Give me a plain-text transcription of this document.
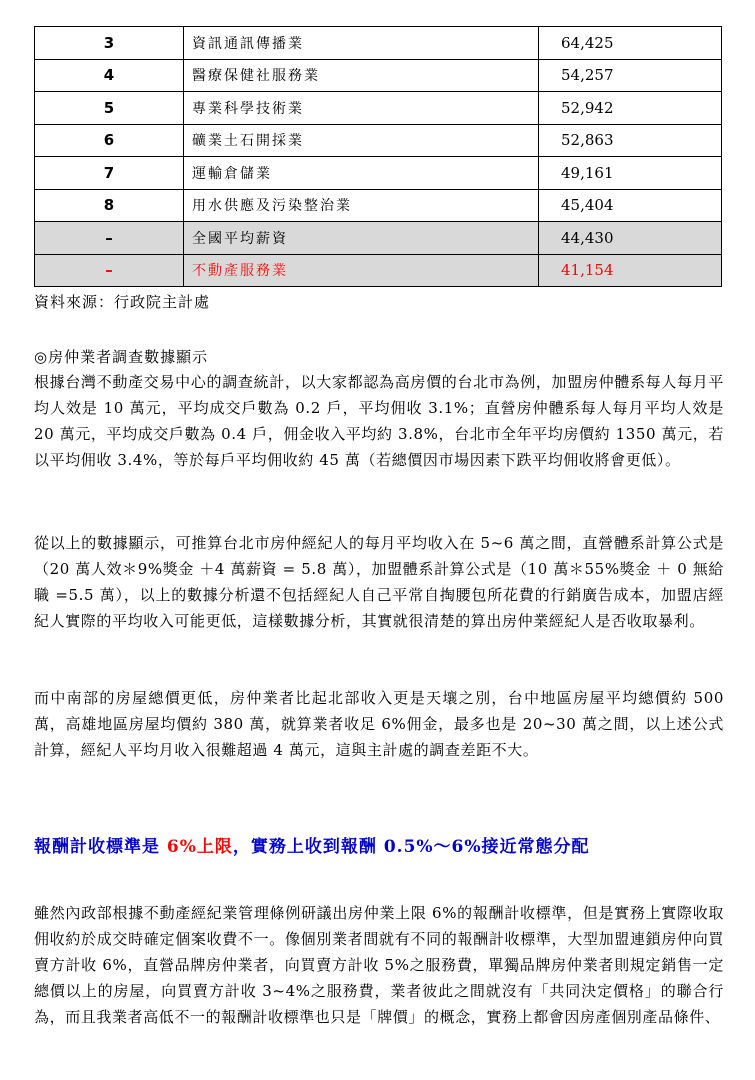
3	資訊通訊傳播業	64,425
4	醫療保健社服務業	54,257
5	專業科學技術業	52,942
6	礦業土石開採業	52,863
7	運輸倉儲業	49,161
8	用水供應及污染整治業	45,404
–	全國平均薪資	44,430
–	不動產服務業	41,154
資料來源：行政院主計處
◎房仲業者調查數據顯示
根據台灣不動產交易中心的調查統計，以大家都認為高房價的台北市為例，加盟房仲體系每人每月平均人效是 10 萬元，平均成交戶數為 0.2 戶，平均佣收 3.1%；直營房仲體系每人每月平均人效是 20 萬元，平均成交戶數為 0.4 戶，佣金收入平均約 3.8%，台北市全年平均房價約 1350 萬元，若以平均佣收 3.4%，等於每戶平均佣收約 45 萬（若總價因市場因素下跌平均佣收將會更低）。
從以上的數據顯示，可推算台北市房仲經紀人的每月平均收入在 5~6 萬之間，直營體系計算公式是（20 萬人效＊9%獎金 ＋4 萬薪資 = 5.8 萬），加盟體系計算公式是（10 萬＊55%獎金 ＋ 0 無給職 =5.5 萬），以上的數據分析還不包括經紀人自己平常自掏腰包所花費的行銷廣告成本，加盟店經紀人實際的平均收入可能更低，這樣數據分析，其實就很清楚的算出房仲業經紀人是否收取暴利。
而中南部的房屋總價更低，房仲業者比起北部收入更是天壤之別，台中地區房屋平均總價約 500 萬，高雄地區房屋均價約 380 萬，就算業者收足 6%佣金，最多也是 20~30 萬之間，以上述公式計算，經紀人平均月收入很難超過 4 萬元，這與主計處的調查差距不大。
報酬計收標準是 6%上限，實務上收到報酬 0.5%～6%接近常態分配
雖然內政部根據不動產經紀業管理條例研議出房仲業上限 6%的報酬計收標準，但是實務上實際收取佣收約於成交時確定個案收費不一。像個別業者間就有不同的報酬計收標準，大型加盟連鎖房仲向買賣方計收 6%，直營品牌房仲業者，向買賣方計收 5%之服務費，單獨品牌房仲業者則規定銷售一定總價以上的房屋，向買賣方計收 3~4%之服務費，業者彼此之間就沒有「共同決定價格」的聯合行為，而且我業者高低不一的報酬計收標準也只是「牌價」的概念，實務上都會因房產個別產品條件、
